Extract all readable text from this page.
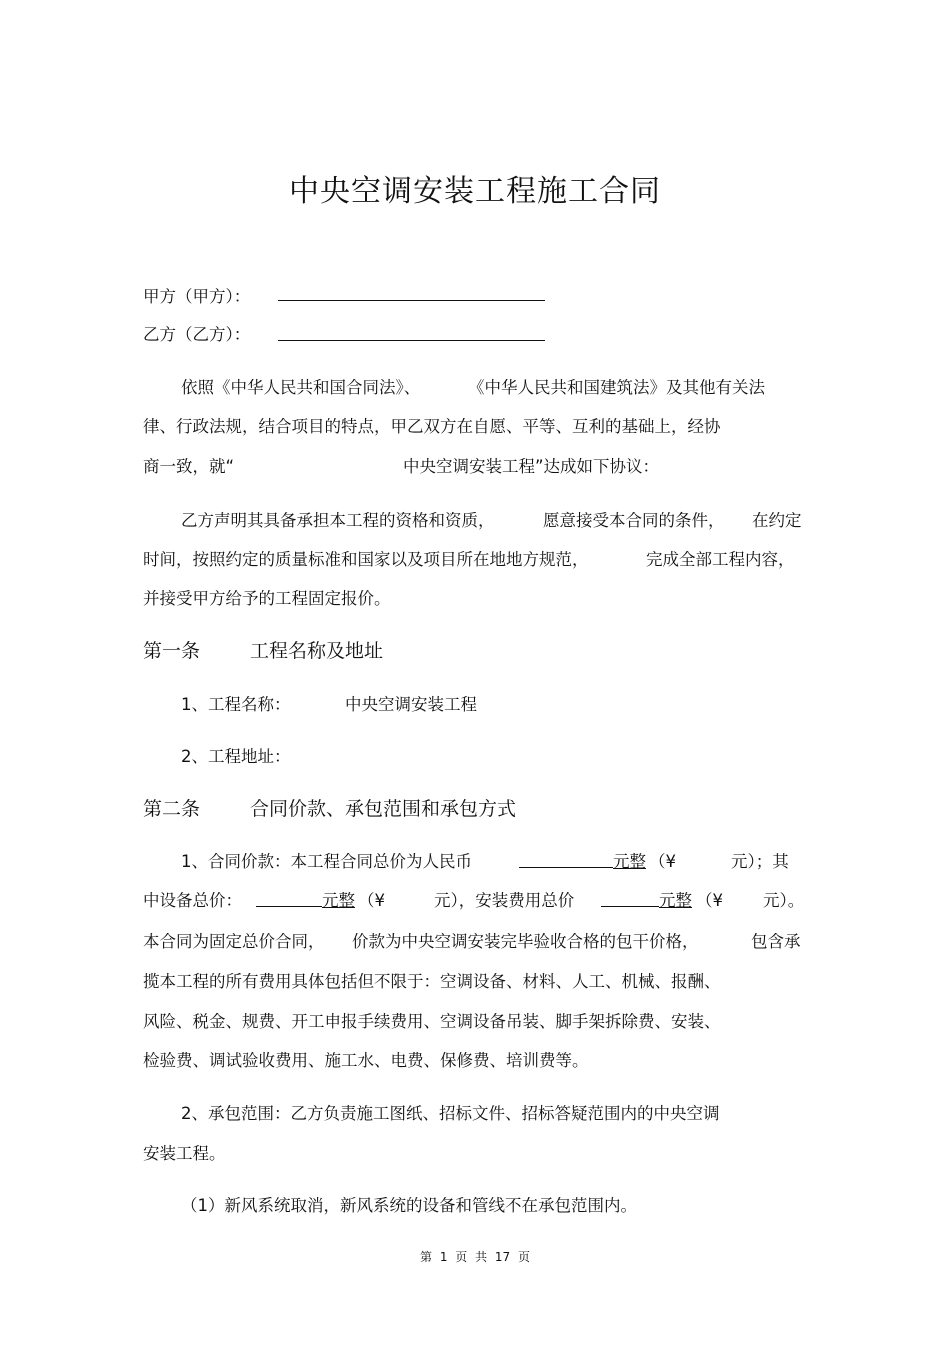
中央空调安装工程施工合同
甲方（甲方）：
乙方（乙方）：
依照《中华人民共和国合同法》、	《中华人民共和国建筑法》及其他有关法
律、行政法规，结合项目的特点，甲乙双方在自愿、平等、互利的基础上，经协
商一致，就“	中央空调安装工程”达成如下协议：
乙方声明其具备承担本工程的资格和资质，	愿意接受本合同的条件， 在约定
时间，按照约定的质量标准和国家以及项目所在地地方规范，	完成全部工程内容，
并接受甲方给予的工程固定报价。
第一条	工程名称及地址
1、工程名称：	中央空调安装工程
2、工程地址：
第二条	合同价款、承包范围和承包方式
1、合同价款：本工程合同总价为人民币	元整 （¥	元）；其
中设备总价：	元整 （¥	元），安装费用总价	元整 （¥ 元）。
本合同为固定总价合同， 价款为中央空调安装完毕验收合格的包干价格，	包含承
揽本工程的所有费用具体包括但不限于：空调设备、材料、人工、机械、报酬、
风险、税金、规费、开工申报手续费用、空调设备吊装、脚手架拆除费、安装、
检验费、调试验收费用、施工水、电费、保修费、培训费等。
2、承包范围：乙方负责施工图纸、招标文件、招标答疑范围内的中央空调
安装工程。
（1）新风系统取消，新风系统的设备和管线不在承包范围内。
第 1 页 共 17 页
